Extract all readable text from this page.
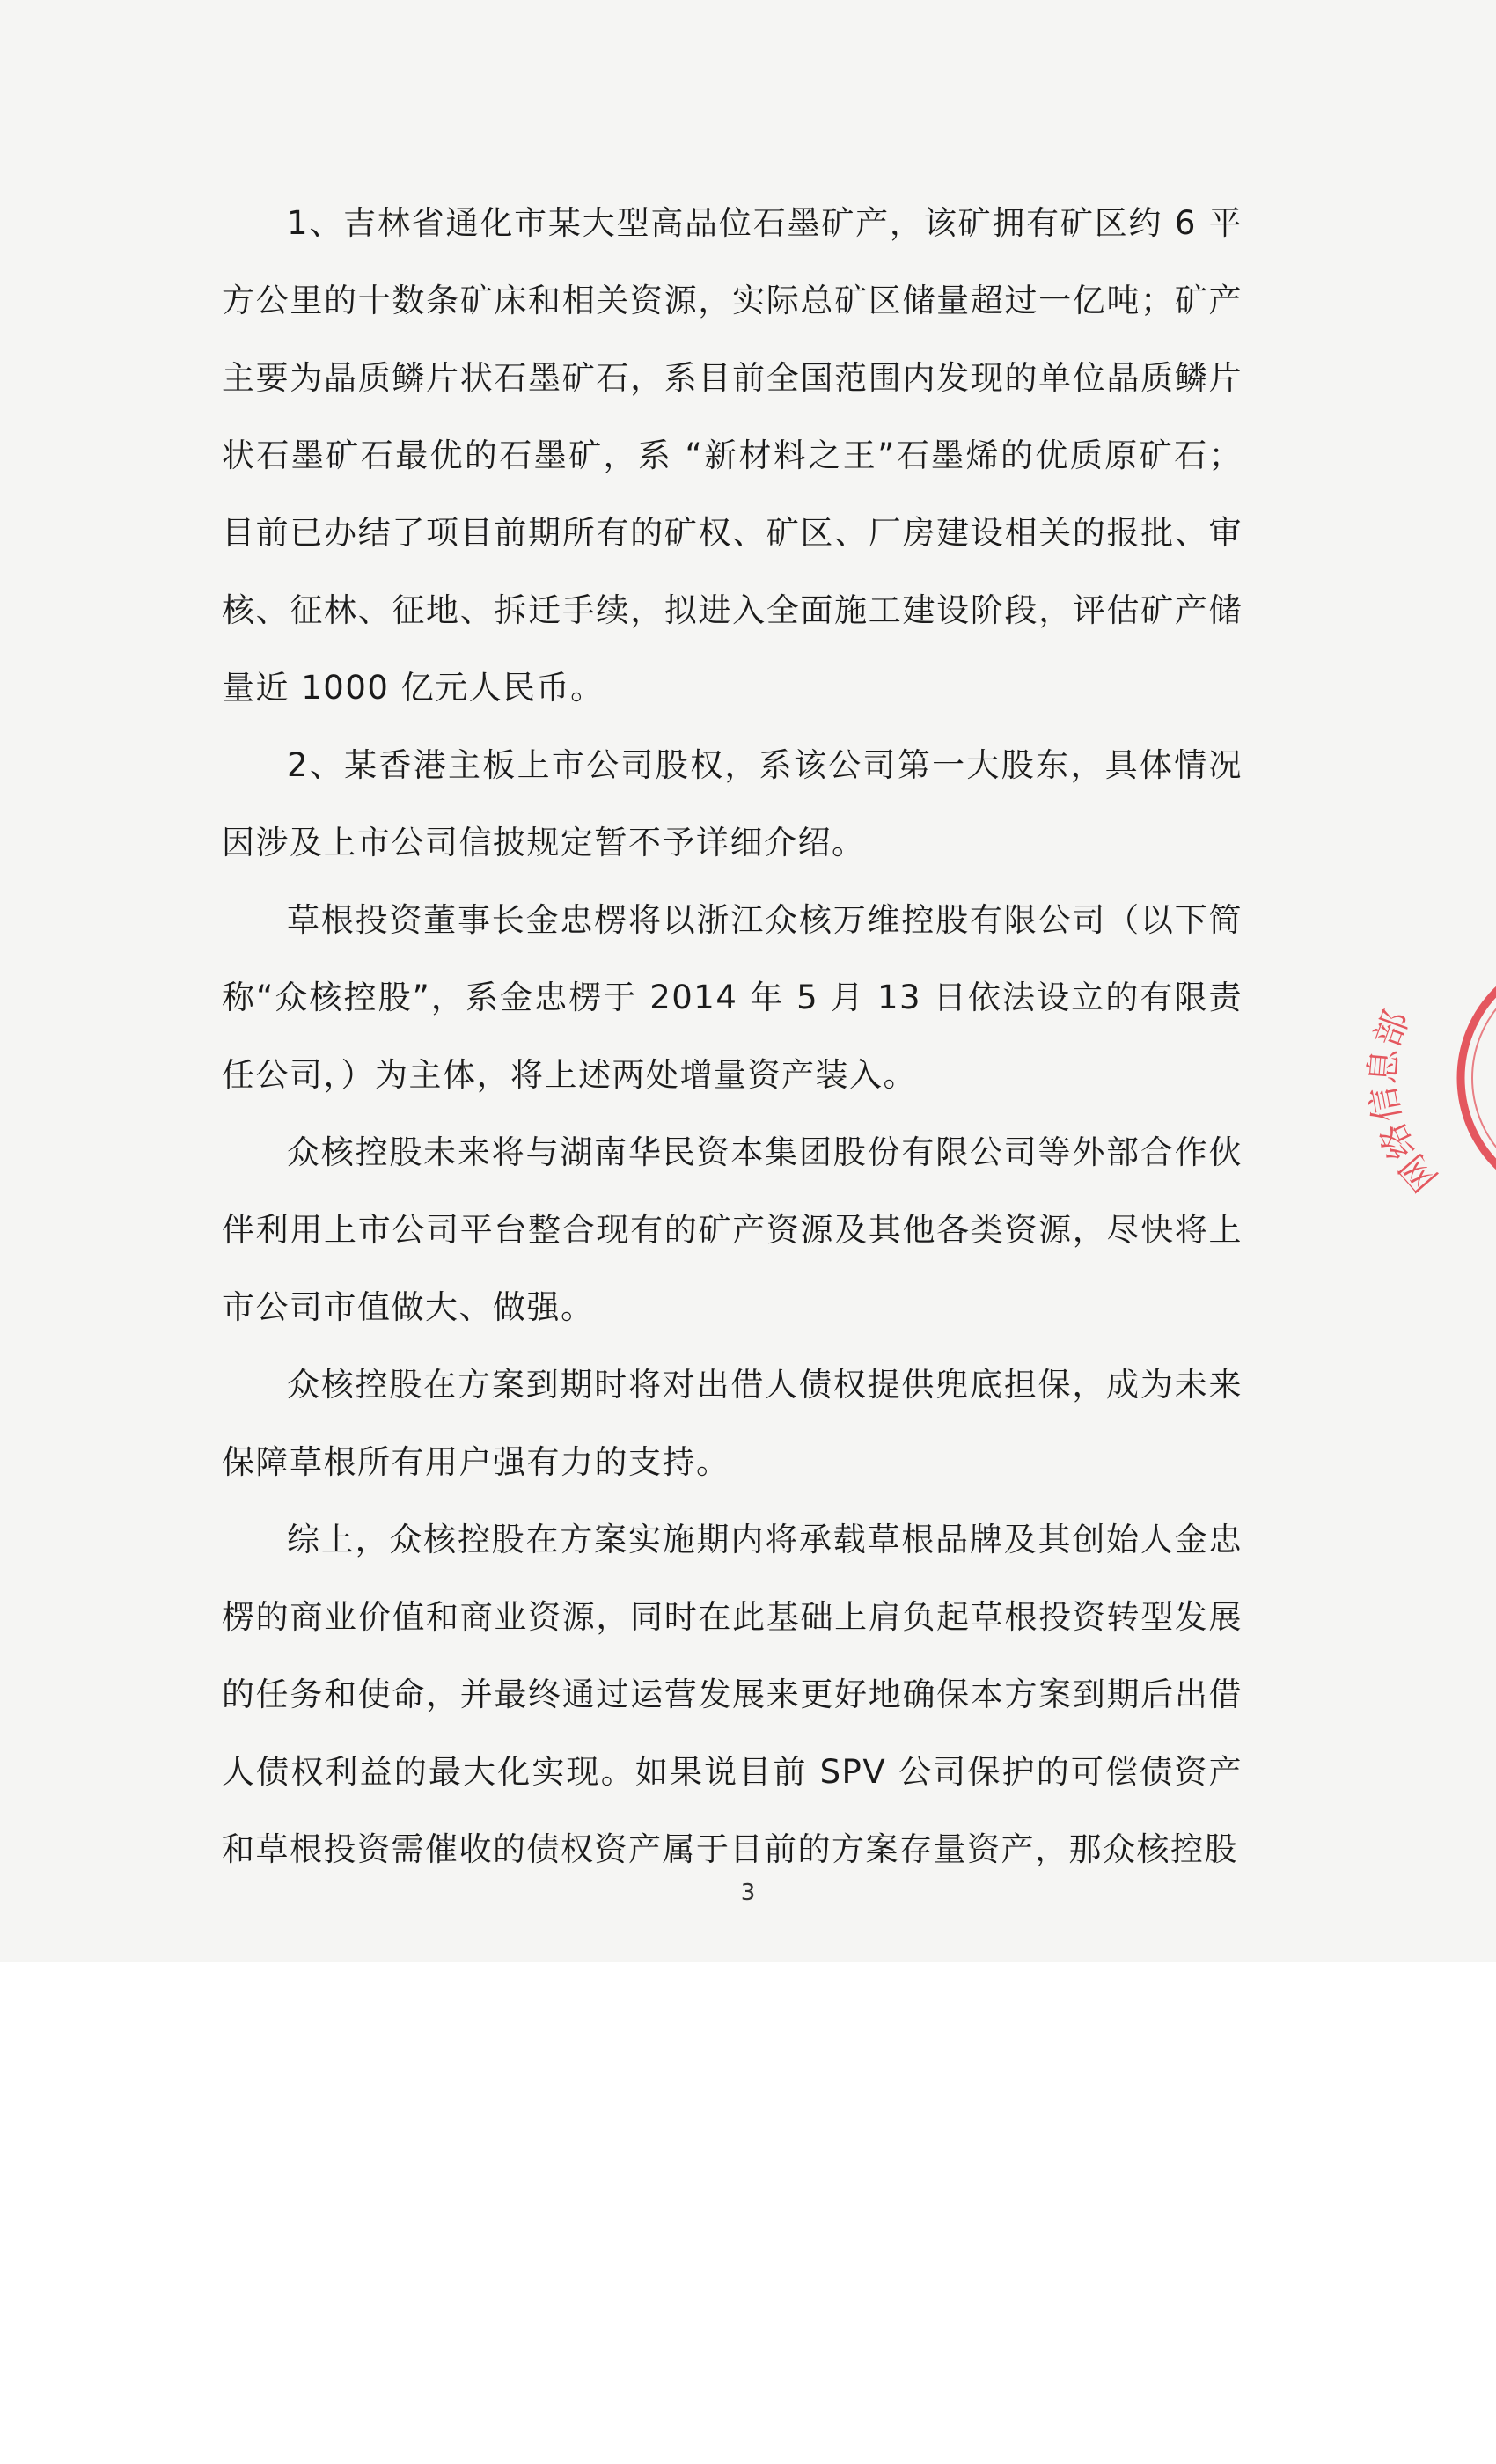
1、吉林省通化市某大型高品位石墨矿产，该矿拥有矿区约 6 平方公里的十数条矿床和相关资源，实际总矿区储量超过一亿吨；矿产主要为晶质鳞片状石墨矿石，系目前全国范围内发现的单位晶质鳞片状石墨矿石最优的石墨矿，系 “新材料之王”石墨烯的优质原矿石；目前已办结了项目前期所有的矿权、矿区、厂房建设相关的报批、审核、征林、征地、拆迁手续，拟进入全面施工建设阶段，评估矿产储量近 1000 亿元人民币。

2、某香港主板上市公司股权，系该公司第一大股东，具体情况因涉及上市公司信披规定暂不予详细介绍。

草根投资董事长金忠楞将以浙江众核万维控股有限公司（以下简称“众核控股”，系金忠楞于 2014 年 5 月 13 日依法设立的有限责任公司，）为主体，将上述两处增量资产装入。

众核控股未来将与湖南华民资本集团股份有限公司等外部合作伙伴利用上市公司平台整合现有的矿产资源及其他各类资源，尽快将上市公司市值做大、做强。

众核控股在方案到期时将对出借人债权提供兜底担保，成为未来保障草根所有用户强有力的支持。

综上，众核控股在方案实施期内将承载草根品牌及其创始人金忠楞的商业价值和商业资源，同时在此基础上肩负起草根投资转型发展的任务和使命，并最终通过运营发展来更好地确保本方案到期后出借人债权利益的最大化实现。如果说目前 SPV 公司保护的可偿债资产和草根投资需催收的债权资产属于目前的方案存量资产，那众核控股

3
网络信息部
